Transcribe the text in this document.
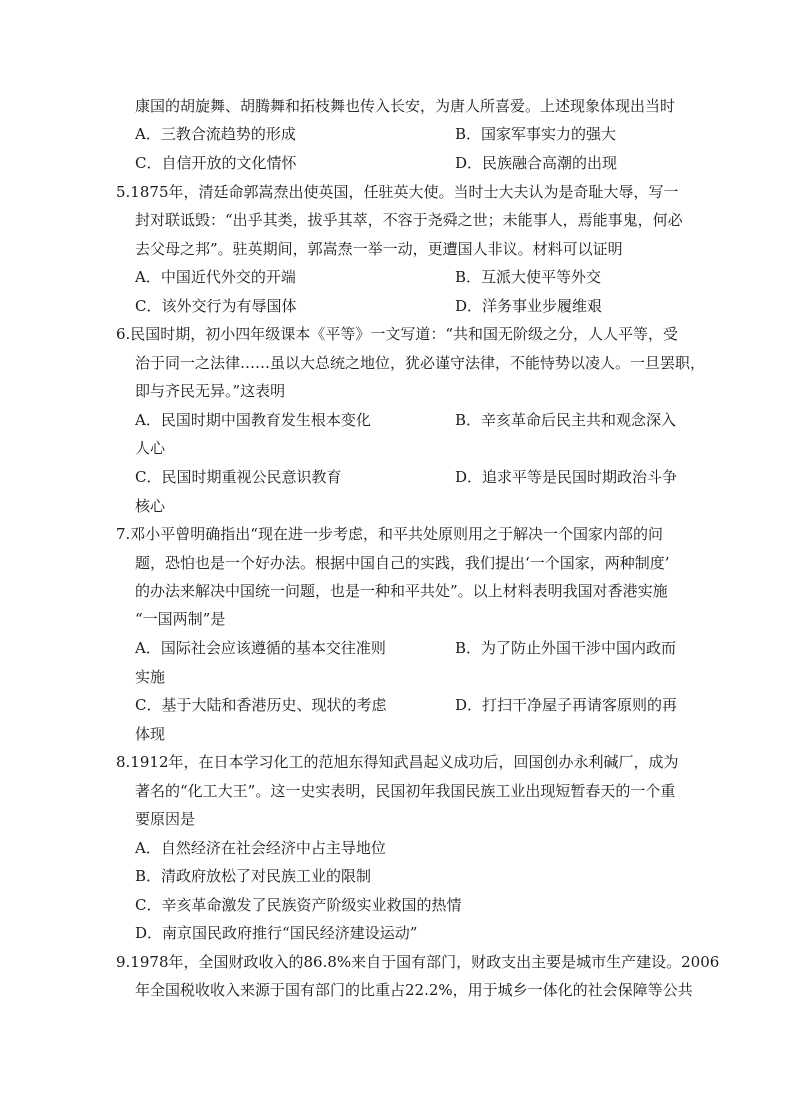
康国的胡旋舞、胡腾舞和拓枝舞也传入长安，为唐人所喜爱。上述现象体现出当时
A．三教合流趋势的形成	B．国家军事实力的强大
C．自信开放的文化情怀	D．民族融合高潮的出现
5.1875年，清廷命郭嵩焘出使英国，任驻英大使。当时士大夫认为是奇耻大辱，写一
封对联诋毁：“出乎其类，拔乎其萃，不容于尧舜之世；未能事人，焉能事鬼，何必
去父母之邦”。驻英期间，郭嵩焘一举一动，更遭国人非议。材料可以证明
A．中国近代外交的开端	B．互派大使平等外交
C．该外交行为有辱国体	D．洋务事业步履维艰
6.民国时期，初小四年级课本《平等》一文写道：“共和国无阶级之分，人人平等，受
治于同一之法律……虽以大总统之地位，犹必谨守法律，不能恃势以凌人。一旦罢职，
即与齐民无异。”这表明
A．民国时期中国教育发生根本变化	B．辛亥革命后民主共和观念深入
人心
C．民国时期重视公民意识教育	D．追求平等是民国时期政治斗争
核心
7.邓小平曾明确指出“现在进一步考虑，和平共处原则用之于解决一个国家内部的问
题，恐怕也是一个好办法。根据中国自己的实践，我们提出‘一个国家，两种制度’
的办法来解决中国统一问题，也是一种和平共处”。以上材料表明我国对香港实施
“一国两制”是
A．国际社会应该遵循的基本交往准则	B．为了防止外国干涉中国内政而
实施
C．基于大陆和香港历史、现状的考虑	D．打扫干净屋子再请客原则的再
体现
8.1912年，在日本学习化工的范旭东得知武昌起义成功后，回国创办永利碱厂，成为
著名的“化工大王”。这一史实表明，民国初年我国民族工业出现短暂春天的一个重
要原因是
A．自然经济在社会经济中占主导地位
B．清政府放松了对民族工业的限制
C．辛亥革命激发了民族资产阶级实业救国的热情
D．南京国民政府推行“国民经济建设运动”
9.1978年，全国财政收入的86.8%来自于国有部门，财政支出主要是城市生产建设。2006
年全国税收收入来源于国有部门的比重占22.2%，用于城乡一体化的社会保障等公共
